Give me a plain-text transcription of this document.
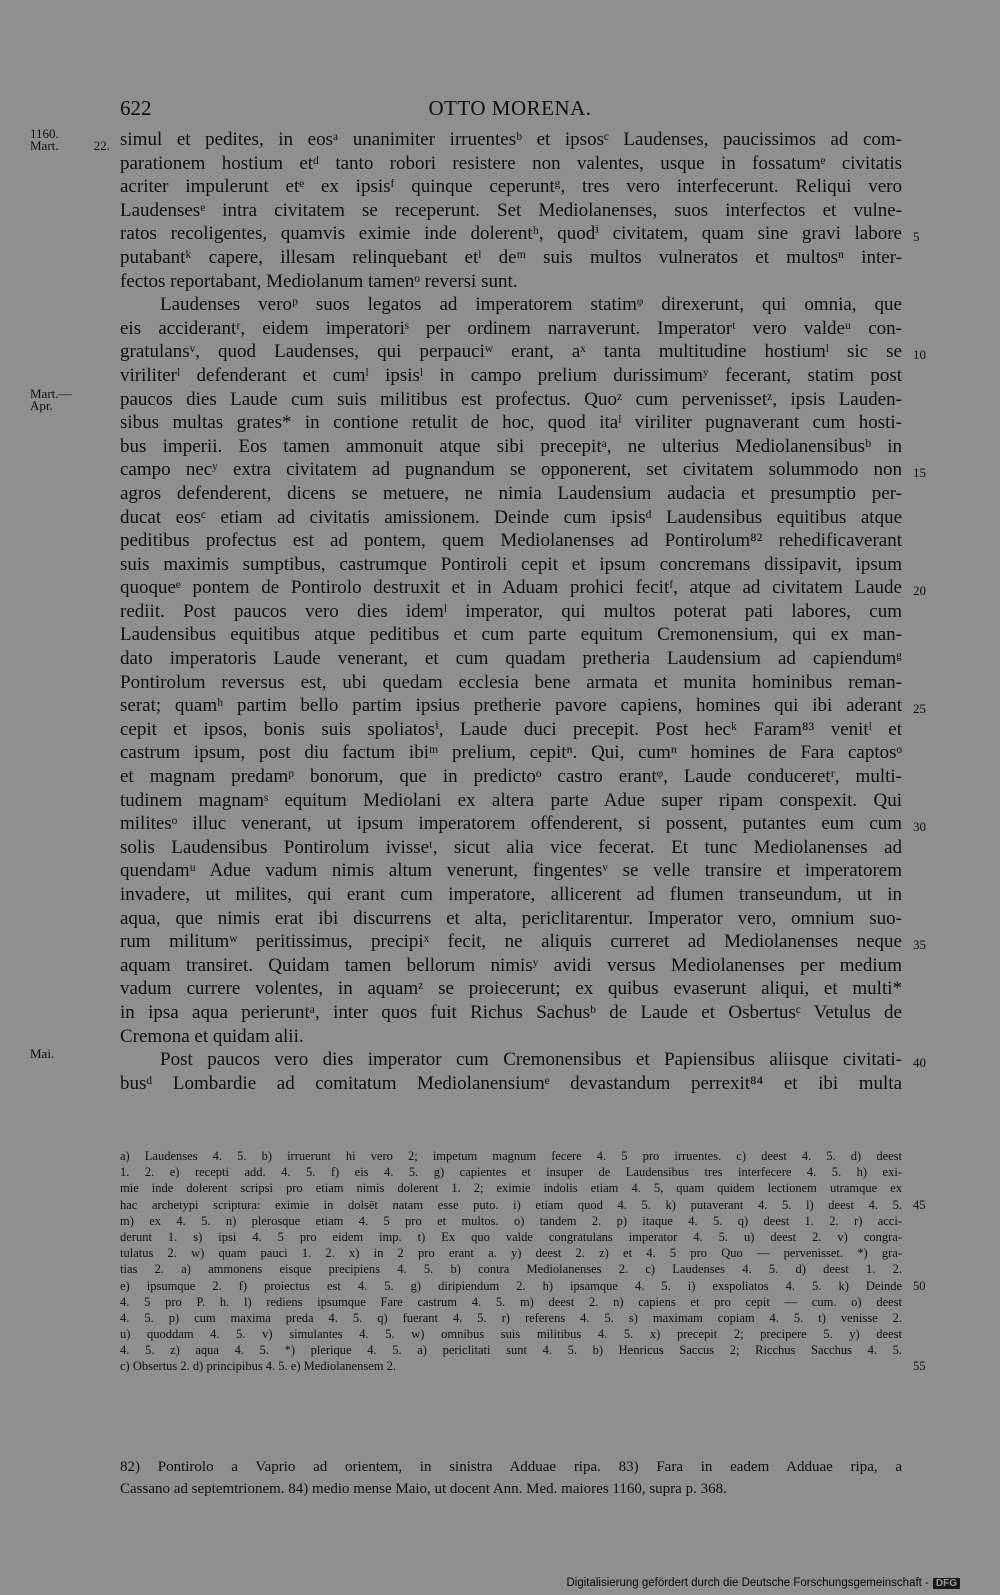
622	OTTO MORENA.
simul et pedites, in eosᵃ unanimiter irruentesᵇ et ipsosᶜ Laudenses, paucissimos ad com-
1160.
Mart. 22.
parationem hostium etᵈ tanto robori resistere non valentes, usque in fossatumᵉ civitatis
acriter impulerunt etᵉ ex ipsisᶠ quinque ceperuntᵍ, tres vero interfecerunt. Reliqui vero
Laudensesᵉ intra civitatem se receperunt. Set Mediolanenses, suos interfectos et vulne-
ratos recoligentes, quamvis eximie inde dolerentʰ, quodⁱ civitatem, quam sine gravi labore 5
putabantᵏ capere, illesam relinquebant etˡ deᵐ suis multos vulneratos et multosⁿ inter-
fectos reportabant, Mediolanum tamenᵒ reversi sunt.
Laudenses veroᵖ suos legatos ad imperatorem statimᵠ direxerunt, qui omnia, que
eis acciderantʳ, eidem imperatoriˢ per ordinem narraverunt. Imperatorᵗ vero valdeᵘ con-
gratulansᵛ, quod Laudenses, qui perpauciʷ erant, aˣ tanta multitudine hostiumˡ sic se 10
viriliterˡ defenderant et cumˡ ipsisˡ in campo prelium durissimumʸ fecerant, statim post
paucos dies Laude cum suis militibus est profectus. Quoᶻ cum pervenissetᶻ, ipsis Lauden-
Mart.—
Apr.
sibus multas grates* in contione retulit de hoc, quod itaˡ viriliter pugnaverant cum hosti-
bus imperii. Eos tamen ammonuit atque sibi precepitᵃ, ne ulterius Mediolanensibusᵇ in
campo necʸ extra civitatem ad pugnandum se opponerent, set civitatem solummodo non 15
agros defenderent, dicens se metuere, ne nimia Laudensium audacia et presumptio per-
ducat eosᶜ etiam ad civitatis amissionem. Deinde cum ipsisᵈ Laudensibus equitibus atque
peditibus profectus est ad pontem, quem Mediolanenses ad Pontirolum⁸² rehedificaverant
suis maximis sumptibus, castrumque Pontiroli cepit et ipsum concremans dissipavit, ipsum
quoqueᵉ pontem de Pontirolo destruxit et in Aduam prohici fecitᶠ, atque ad civitatem Laude 20
rediit. Post paucos vero dies idemˡ imperator, qui multos poterat pati labores, cum
Laudensibus equitibus atque peditibus et cum parte equitum Cremonensium, qui ex man-
dato imperatoris Laude venerant, et cum quadam pretheria Laudensium ad capiendumᵍ
Pontirolum reversus est, ubi quedam ecclesia bene armata et munita hominibus reman-
serat; quamʰ partim bello partim ipsius pretherie pavore capiens, homines qui ibi aderant 25
cepit et ipsos, bonis suis spoliatosⁱ, Laude duci precepit. Post hecᵏ Faram⁸³ venitˡ et
castrum ipsum, post diu factum ibiᵐ prelium, cepitⁿ. Qui, cumⁿ homines de Fara captosᵒ
et magnam predamᵖ bonorum, que in predictoᵒ castro erantᵠ, Laude conduceretʳ, multi-
tudinem magnamˢ equitum Mediolani ex altera parte Adue super ripam conspexit. Qui
militesᵒ illuc venerant, ut ipsum imperatorem offenderent, si possent, putantes eum cum 30
solis Laudensibus Pontirolum ivisseᵗ, sicut alia vice fecerat. Et tunc Mediolanenses ad
quendamᵘ Adue vadum nimis altum venerunt, fingentesᵛ se velle transire et imperatorem
invadere, ut milites, qui erant cum imperatore, allicerent ad flumen transeundum, ut in
aqua, que nimis erat ibi discurrens et alta, periclitarentur. Imperator vero, omnium suo-
rum militumʷ peritissimus, precipiˣ fecit, ne aliquis curreret ad Mediolanenses neque 35
aquam transiret. Quidam tamen bellorum nimisʸ avidi versus Mediolanenses per medium
vadum currere volentes, in aquamᶻ se proiecerunt; ex quibus evaserunt aliqui, et multi*
in ipsa aqua perieruntᵃ, inter quos fuit Richus Sachusᵇ de Laude et Osbertusᶜ Vetulus de
Cremona et quidam alii.
Post paucos vero dies imperator cum Cremonensibus et Papiensibus aliisque civitati-
Mai.
40
busᵈ Lombardie ad comitatum Mediolanensiumᵉ devastandum perrexit⁸⁴ et ibi multa
a) Laudenses 4. 5. b) irruerunt hi vero 2; impetum magnum fecere 4. 5 pro irruentes. c) deest 4. 5. d) deest
1. 2. e) recepti add. 4. 5. f) eis 4. 5. g) capientes et insuper de Laudensibus tres interfecere 4. 5. h) exi-
mie inde dolerent scripsi pro etiam nimis dolerent 1. 2; eximie indolis etiam 4. 5, quam quidem lectionem utramque ex
hac archetypi scriptura: eximie in dolsēt natam esse puto. i) etiam quod 4. 5. k) putaverant 4. 5. l) deest 4. 5. 45
m) ex 4. 5. n) plerosque etiam 4. 5 pro et multos. o) tandem 2. p) itaque 4. 5. q) deest 1. 2. r) acci-
derunt 1. s) ipsi 4. 5 pro eidem imp. t) Ex quo valde congratulans imperator 4. 5. u) deest 2. v) congra-
tulatus 2. w) quam pauci 1. 2. x) in 2 pro erant a. y) deest 2. z) et 4. 5 pro Quo — pervenisset. *) gra-
tias 2. a) ammonens eisque precipiens 4. 5. b) contra Mediolanenses 2. c) Laudenses 4. 5. d) deest 1. 2.
e) ipsumque 2. f) proiectus est 4. 5. g) diripiendum 2. h) ipsamque 4. 5. i) exspoliatos 4. 5. k) Deinde 50
4. 5 pro P. h. l) rediens ipsumque Fare castrum 4. 5. m) deest 2. n) capiens et pro cepit — cum. o) deest
4. 5. p) cum maxima preda 4. 5. q) fuerant 4. 5. r) referens 4. 5. s) maximam copiam 4. 5. t) venisse 2.
u) quoddam 4. 5. v) simulantes 4. 5. w) omnibus suis militibus 4. 5. x) precepit 2; precipere 5. y) deest
4. 5. z) aqua 4. 5. *) plerique 4. 5. a) periclitati sunt 4. 5. b) Henricus Saccus 2; Ricchus Sacchus 4. 5.
c) Obsertus 2. d) principibus 4. 5. e) Mediolanensem 2.	55
82) Pontirolo a Vaprio ad orientem, in sinistra Adduae ripa. 83) Fara in eadem Adduae ripa, a
Cassano ad septemtrionem. 84) medio mense Maio, ut docent Ann. Med. maiores 1160, supra p. 368.
Digitalisierung gefördert durch die Deutsche Forschungsgemeinschaft - DFG
